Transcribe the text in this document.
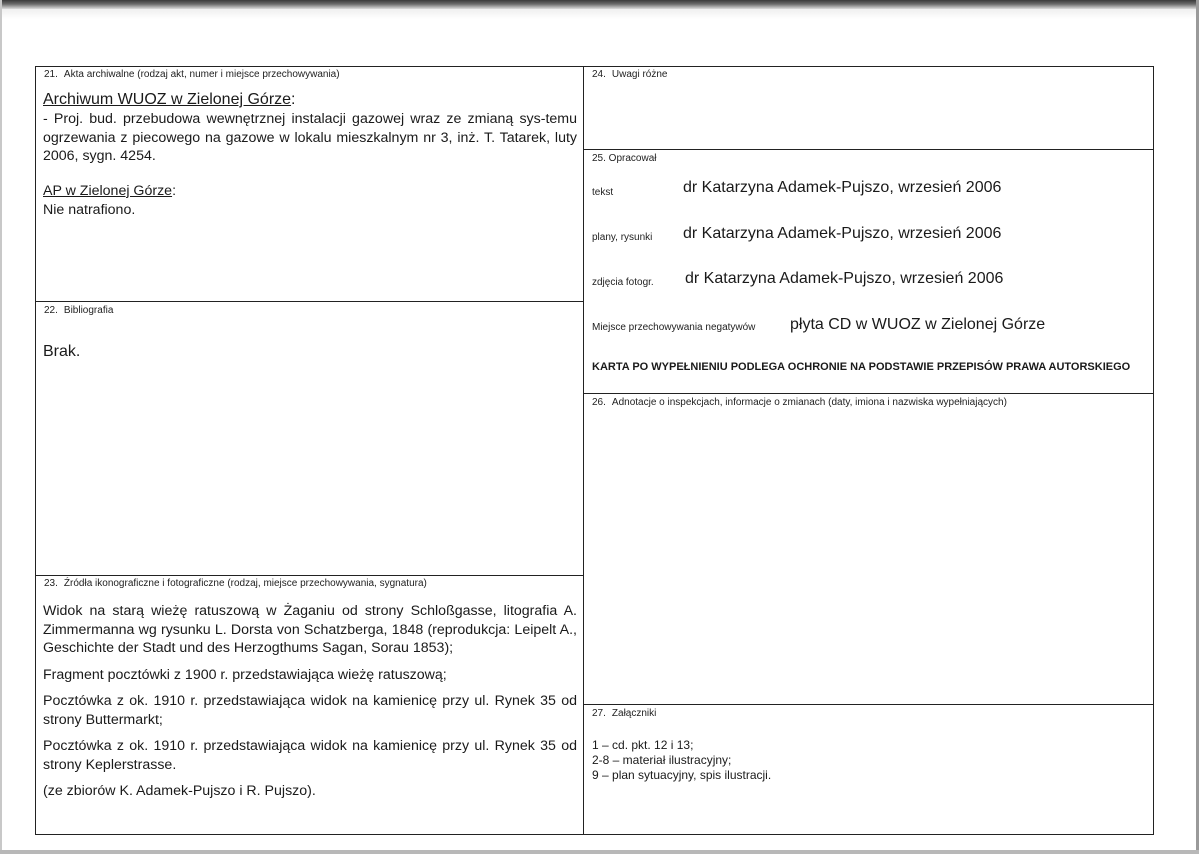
21. Akta archiwalne (rodzaj akt, numer i miejsce przechowywania)
Archiwum WUOZ w Zielonej Górze:
- Proj. bud. przebudowa wewnętrznej instalacji gazowej wraz ze zmianą sys-temu ogrzewania z piecowego na gazowe w lokalu mieszkalnym nr 3, inż. T. Tatarek, luty 2006, sygn. 4254.
AP w Zielonej Górze:
Nie natrafiono.
22. Bibliografia
Brak.
23. Źródła ikonograficzne i fotograficzne (rodzaj, miejsce przechowywania, sygnatura)

Widok na starą wieżę ratuszową w Żaganiu od strony Schloßgasse, litografia A. Zimmermanna wg rysunku L. Dorsta von Schatzberga, 1848 (reprodukcja: Leipelt A., Geschichte der Stadt und des Herzogthums Sagan, Sorau 1853);

Fragment pocztówki z 1900 r. przedstawiająca wieżę ratuszową;

Pocztówka z ok. 1910 r. przedstawiająca widok na kamienicę przy ul. Rynek 35 od strony Buttermarkt;

Pocztówka z ok. 1910 r. przedstawiająca widok na kamienicę przy ul. Rynek 35 od strony Keplerstrasse.

(ze zbiorów K. Adamek-Pujszo i R. Pujszo).

24. Uwagi różne
25. Opracował
tekst	dr Katarzyna Adamek-Pujszo, wrzesień 2006
plany, rysunki dr Katarzyna Adamek-Pujszo, wrzesień 2006
zdjęcia fotogr. dr Katarzyna Adamek-Pujszo, wrzesień 2006
Miejsce przechowywania negatywów płyta CD w WUOZ w Zielonej Górze
KARTA PO WYPEŁNIENIU PODLEGA OCHRONIE NA PODSTAWIE PRZEPISÓW PRAWA AUTORSKIEGO
26. Adnotacje o inspekcjach, informacje o zmianach (daty, imiona i nazwiska wypełniających)
27. Załączniki
1 – cd. pkt. 12 i 13;
2-8 – materiał ilustracyjny;
9 – plan sytuacyjny, spis ilustracji.
